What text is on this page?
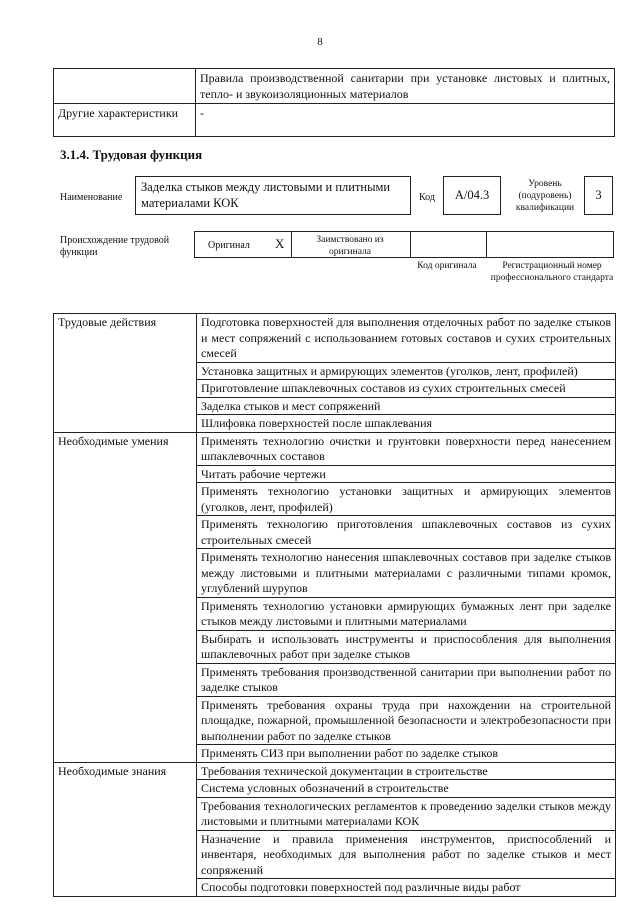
8
	Правила производственной санитарии при установке листовых и плитных, тепло- и звукоизоляционных материалов
Другие характеристики	-
3.1.4. Трудовая функция
Наименование
Заделка стыков между листовыми и плитными материалами КОК	Код	А/04.3
Уровень (подуровень) квалификации
3
Происхождение трудовой функции
Оригинал X	Заимствовано из оригинала
Код оригинала	Регистрационный номер профессионального стандарта
Трудовые действия	Подготовка поверхностей для выполнения отделочных работ по заделке стыков и мест сопряжений с использованием готовых составов и сухих строительных смесей
	Установка защитных и армирующих элементов (уголков, лент, профилей)
	Приготовление шпаклевочных составов из сухих строительных смесей
	Заделка стыков и мест сопряжений
	Шлифовка поверхностей после шпаклевания
Необходимые умения	Применять технологию очистки и грунтовки поверхности перед нанесением шпаклевочных составов
	Читать рабочие чертежи
	Применять технологию установки защитных и армирующих элементов (уголков, лент, профилей)
	Применять технологию приготовления шпаклевочных составов из сухих строительных смесей
	Применять технологию нанесения шпаклевочных составов при заделке стыков между листовыми и плитными материалами с различными типами кромок, углублений шурупов
	Применять технологию установки армирующих бумажных лент при заделке стыков между листовыми и плитными материалами
	Выбирать и использовать инструменты и приспособления для выполнения шпаклевочных работ при заделке стыков
	Применять требования производственной санитарии при выполнении работ по заделке стыков
	Применять требования охраны труда при нахождении на строительной площадке, пожарной, промышленной безопасности и электробезопасности при выполнении работ по заделке стыков
	Применять СИЗ при выполнении работ по заделке стыков
Необходимые знания	Требования технической документации в строительстве
	Система условных обозначений в строительстве
	Требования технологических регламентов к проведению заделки стыков между листовыми и плитными материалами КОК
	Назначение и правила применения инструментов, приспособлений и инвентаря, необходимых для выполнения работ по заделке стыков и мест сопряжений
	Способы подготовки поверхностей под различные виды работ
